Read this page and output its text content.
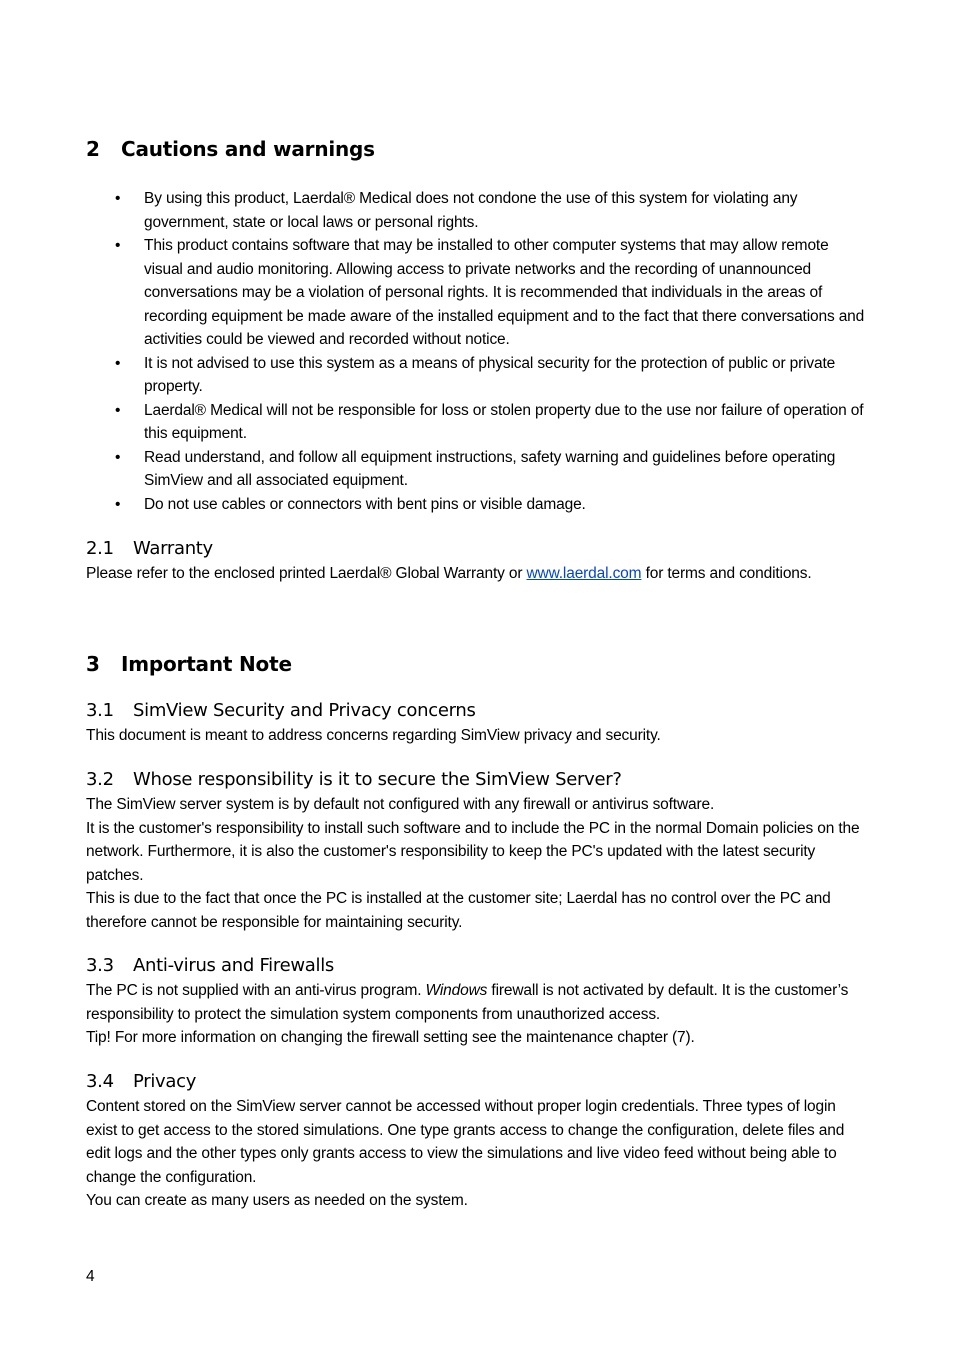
2 Cautions and warnings
• By using this product, Laerdal® Medical does not condone the use of this system for violating any government, state or local laws or personal rights.
• This product contains software that may be installed to other computer systems that may allow remote visual and audio monitoring. Allowing access to private networks and the recording of unannounced conversations may be a violation of personal rights. It is recommended that individuals in the areas of recording equipment be made aware of the installed equipment and to the fact that there conversations and activities could be viewed and recorded without notice.
• It is not advised to use this system as a means of physical security for the protection of public or private property.
• Laerdal® Medical will not be responsible for loss or stolen property due to the use nor failure of operation of this equipment.
• Read understand, and follow all equipment instructions, safety warning and guidelines before operating SimView and all associated equipment.
• Do not use cables or connectors with bent pins or visible damage.
2.1 Warranty
Please refer to the enclosed printed Laerdal® Global Warranty or www.laerdal.com for terms and conditions.
3 Important Note
3.1 SimView Security and Privacy concerns

This document is meant to address concerns regarding SimView privacy and security.

3.2 Whose responsibility is it to secure the SimView Server?

The SimView server system is by default not configured with any firewall or antivirus software.

It is the customer's responsibility to install such software and to include the PC in the normal Domain policies on the network. Furthermore, it is also the customer's responsibility to keep the PC's updated with the latest security patches.

This is due to the fact that once the PC is installed at the customer site; Laerdal has no control over the PC and therefore cannot be responsible for maintaining security.

3.3 Anti-virus and Firewalls

The PC is not supplied with an anti-virus program. Windows firewall is not activated by default. It is the customer’s responsibility to protect the simulation system components from unauthorized access.

Tip! For more information on changing the firewall setting see the maintenance chapter (7).

3.4 Privacy

Content stored on the SimView server cannot be accessed without proper login credentials. Three types of login exist to get access to the stored simulations. One type grants access to change the configuration, delete files and edit logs and the other types only grants access to view the simulations and live video feed without being able to change the configuration.

You can create as many users as needed on the system.

4
